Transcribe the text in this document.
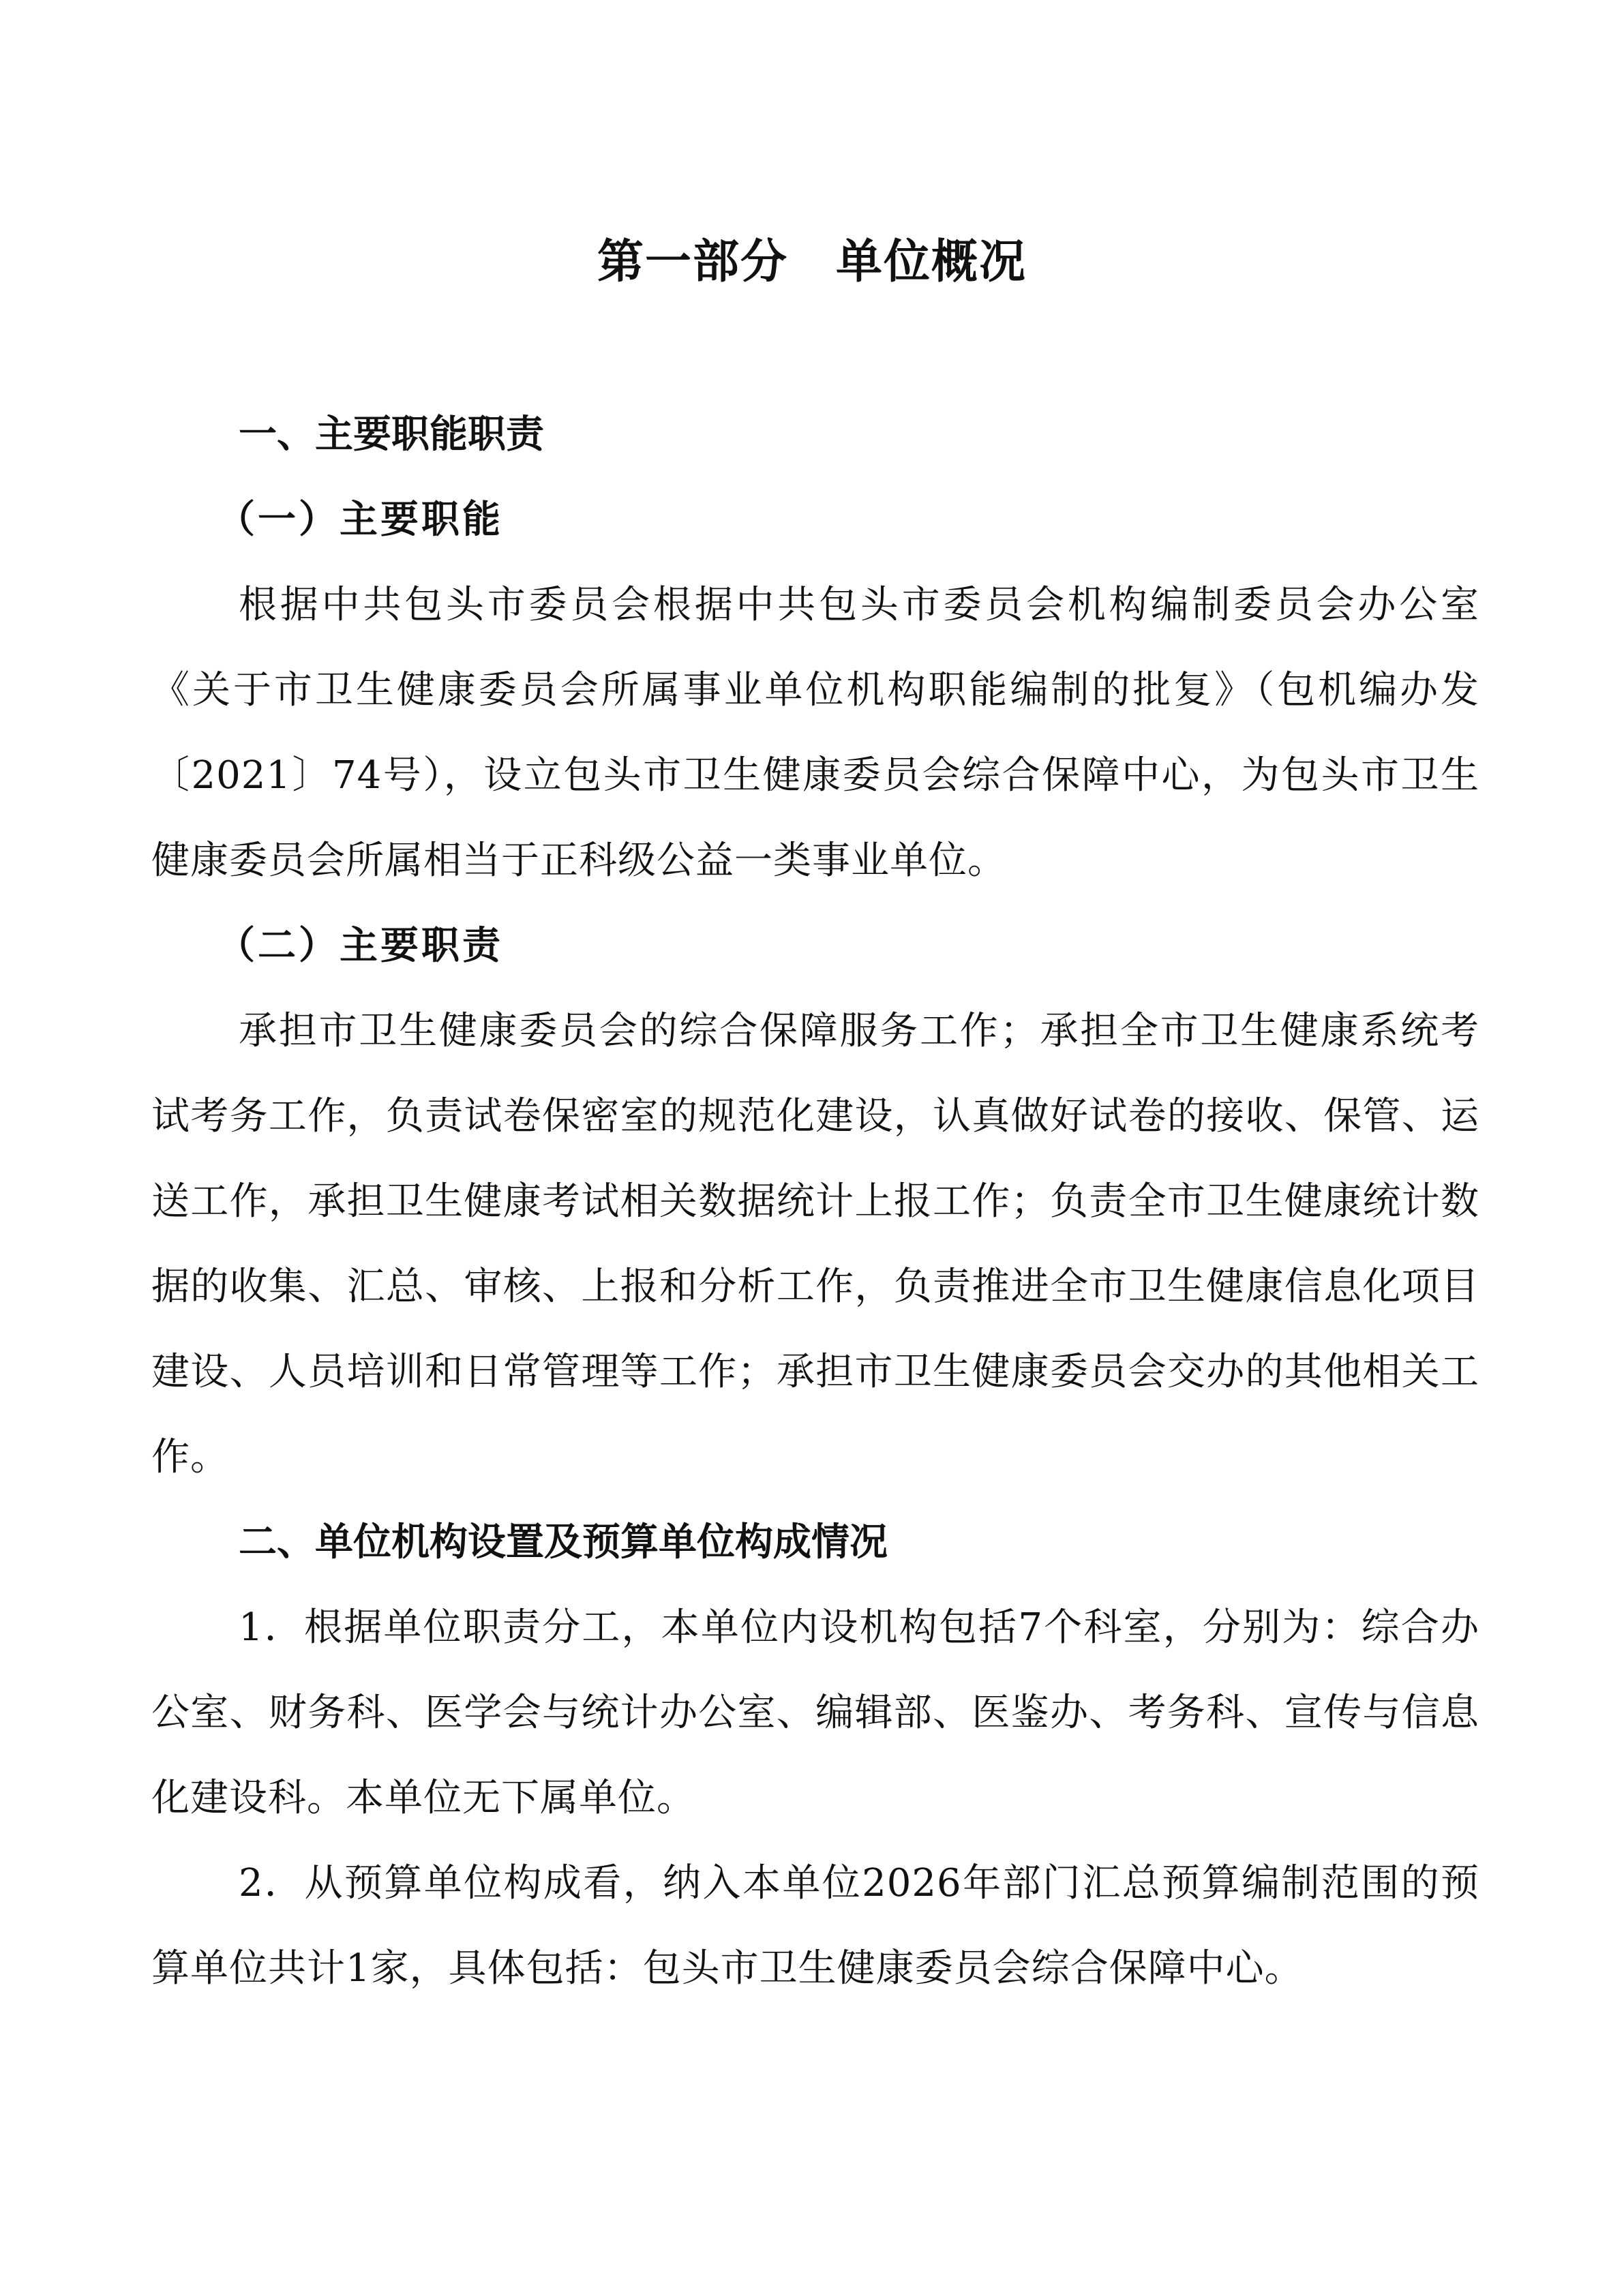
第一部分　单位概况
一、主要职能职责
（一）主要职能

根据中共包头市委员会根据中共包头市委员会机构编制委员会办公室《关于市卫生健康委员会所属事业单位机构职能编制的批复》（包机编办发〔2021〕74号），设立包头市卫生健康委员会综合保障中心，为包头市卫生健康委员会所属相当于正科级公益一类事业单位。

（二）主要职责

承担市卫生健康委员会的综合保障服务工作；承担全市卫生健康系统考试考务工作，负责试卷保密室的规范化建设，认真做好试卷的接收、保管、运送工作，承担卫生健康考试相关数据统计上报工作；负责全市卫生健康统计数据的收集、汇总、审核、上报和分析工作，负责推进全市卫生健康信息化项目建设、人员培训和日常管理等工作；承担市卫生健康委员会交办的其他相关工作。

二、单位机构设置及预算单位构成情况

1．根据单位职责分工，本单位内设机构包括7个科室，分别为：综合办公室、财务科、医学会与统计办公室、编辑部、医鉴办、考务科、宣传与信息化建设科。本单位无下属单位。

2．从预算单位构成看，纳入本单位2026年部门汇总预算编制范围的预算单位共计1家，具体包括：包头市卫生健康委员会综合保障中心。
